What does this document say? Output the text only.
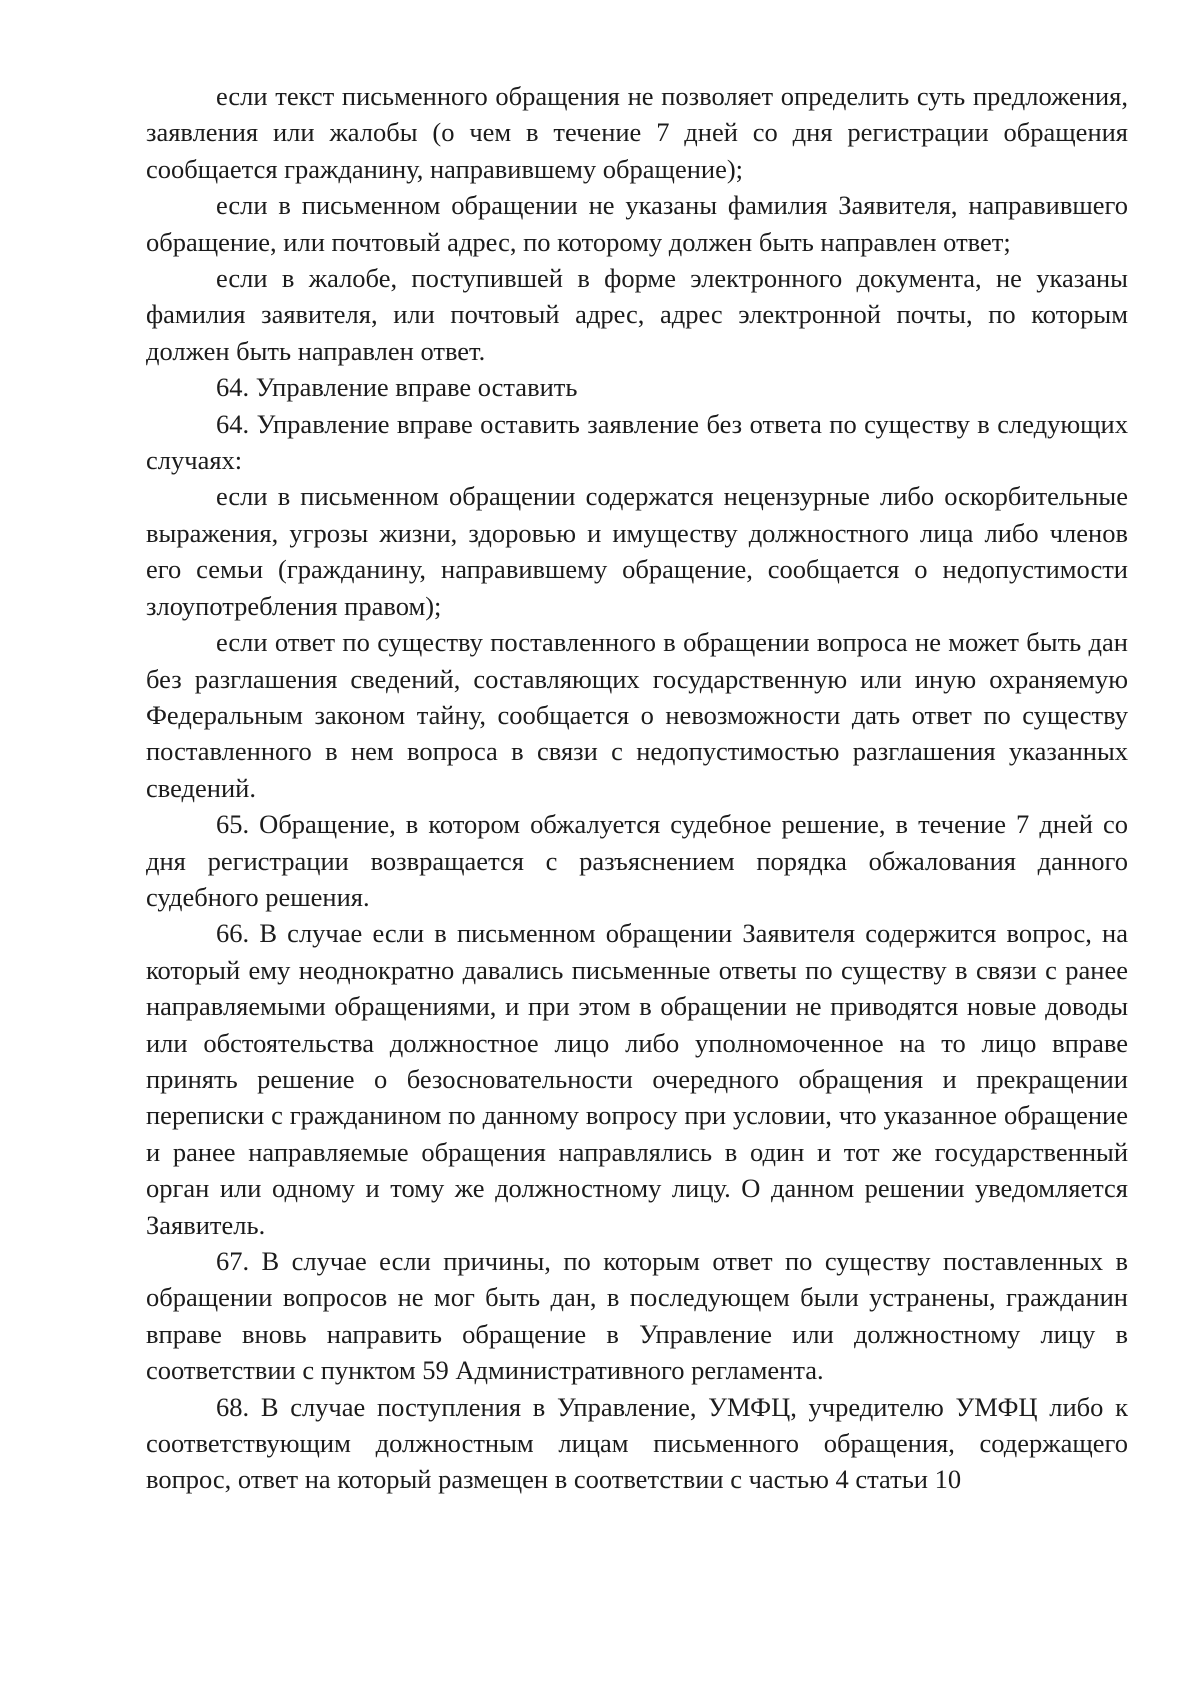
если текст письменного обращения не позволяет определить суть предложения, заявления или жалобы (о чем в течение 7 дней со дня регистрации обращения сообщается гражданину, направившему обращение);

если в письменном обращении не указаны фамилия Заявителя, направившего обращение, или почтовый адрес, по которому должен быть направлен ответ;

если в жалобе, поступившей в форме электронного документа, не указаны фамилия заявителя, или почтовый адрес, адрес электронной почты, по которым должен быть направлен ответ.

64. Управление вправе оставить

64. Управление вправе оставить заявление без ответа по существу в следующих случаях:

если в письменном обращении содержатся нецензурные либо оскорбительные выражения, угрозы жизни, здоровью и имуществу должностного лица либо членов его семьи (гражданину, направившему обращение, сообщается о недопустимости злоупотребления правом);

если ответ по существу поставленного в обращении вопроса не может быть дан без разглашения сведений, составляющих государственную или иную охраняемую Федеральным законом тайну, сообщается о невозможности дать ответ по существу поставленного в нем вопроса в связи с недопустимостью разглашения указанных сведений.

65. Обращение, в котором обжалуется судебное решение, в течение 7 дней со дня регистрации возвращается с разъяснением порядка обжалования данного судебного решения.

66. В случае если в письменном обращении Заявителя содержится вопрос, на который ему неоднократно давались письменные ответы по существу в связи с ранее направляемыми обращениями, и при этом в обращении не приводятся новые доводы или обстоятельства должностное лицо либо уполномоченное на то лицо вправе принять решение о безосновательности очередного обращения и прекращении переписки с гражданином по данному вопросу при условии, что указанное обращение и ранее направляемые обращения направлялись в один и тот же государственный орган или одному и тому же должностному лицу. О данном решении уведомляется Заявитель.

67. В случае если причины, по которым ответ по существу поставленных в обращении вопросов не мог быть дан, в последующем были устранены, гражданин вправе вновь направить обращение в Управление или должностному лицу в соответствии с пунктом 59 Административного регламента.

68. В случае поступления в Управление, УМФЦ, учредителю УМФЦ либо к соответствующим должностным лицам письменного обращения, содержащего вопрос, ответ на который размещен в соответствии с частью 4 статьи 10
